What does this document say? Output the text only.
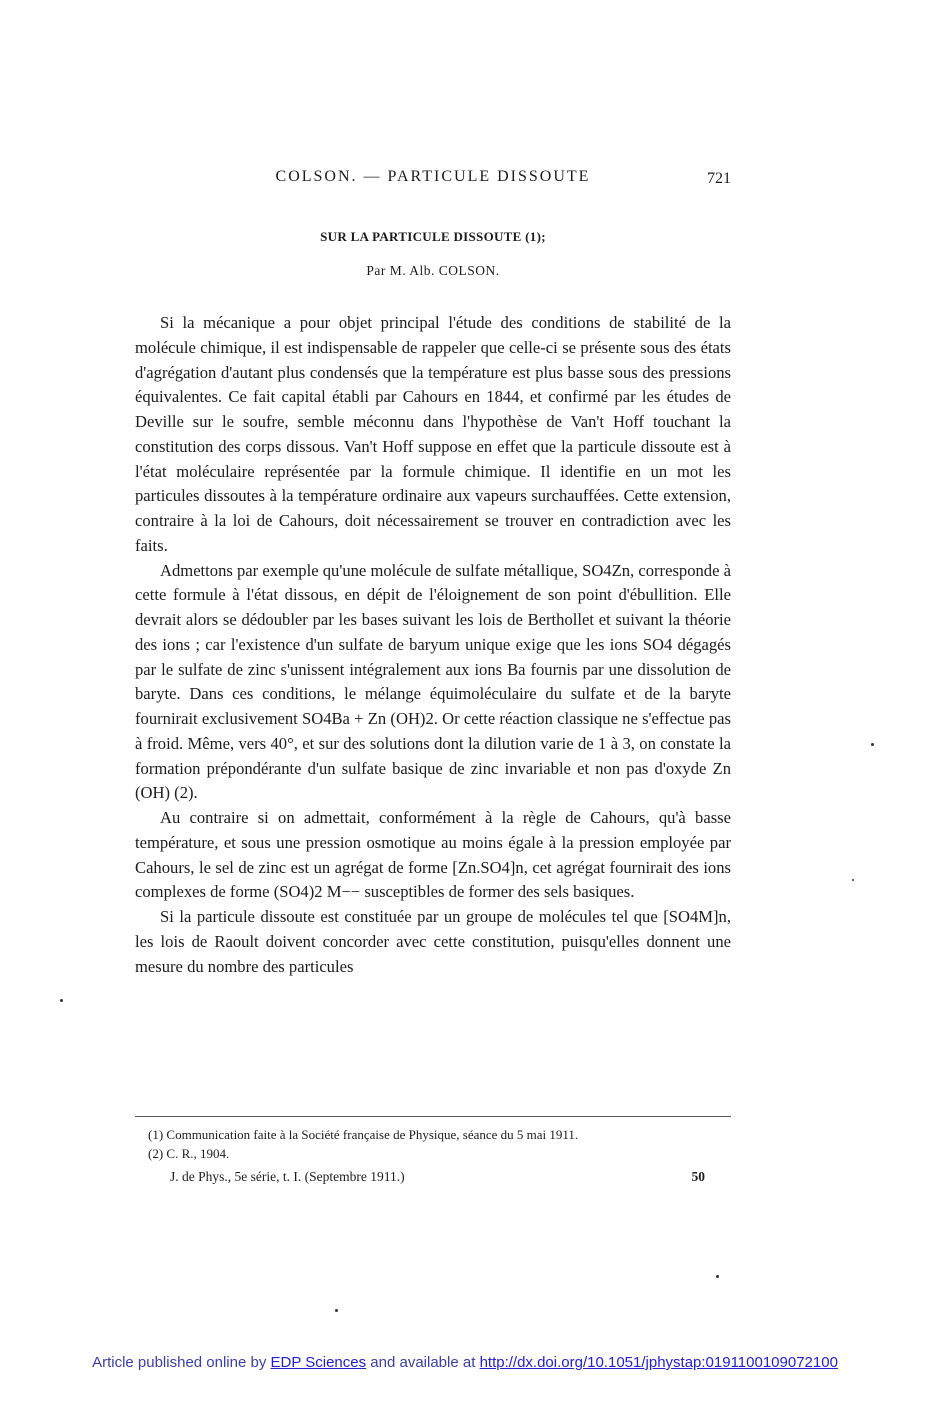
COLSON. — PARTICULE DISSOUTE	721
SUR LA PARTICULE DISSOUTE (1);
Par M. Alb. COLSON.

Si la mécanique a pour objet principal l'étude des conditions de stabilité de la molécule chimique, il est indispensable de rappeler que celle-ci se présente sous des états d'agrégation d'autant plus condensés que la température est plus basse sous des pressions équivalentes. Ce fait capital établi par Cahours en 1844, et confirmé par les études de Deville sur le soufre, semble méconnu dans l'hypothèse de Van't Hoff touchant la constitution des corps dissous. Van't Hoff suppose en effet que la particule dissoute est à l'état moléculaire représentée par la formule chimique. Il identifie en un mot les particules dissoutes à la température ordinaire aux vapeurs surchauffées. Cette extension, contraire à la loi de Cahours, doit nécessairement se trouver en contradiction avec les faits.

Admettons par exemple qu'une molécule de sulfate métallique, SO4Zn, corresponde à cette formule à l'état dissous, en dépit de l'éloignement de son point d'ébullition. Elle devrait alors se dédoubler par les bases suivant les lois de Berthollet et suivant la théorie des ions ; car l'existence d'un sulfate de baryum unique exige que les ions SO4 dégagés par le sulfate de zinc s'unissent intégralement aux ions Ba fournis par une dissolution de baryte. Dans ces conditions, le mélange équimoléculaire du sulfate et de la baryte fournirait exclusivement SO4Ba + Zn (OH)2. Or cette réaction classique ne s'effectue pas à froid. Même, vers 40°, et sur des solutions dont la dilution varie de 1 à 3, on constate la formation prépondérante d'un sulfate basique de zinc invariable et non pas d'oxyde Zn (OH) (2).

Au contraire si on admettait, conformément à la règle de Cahours, qu'à basse température, et sous une pression osmotique au moins égale à la pression employée par Cahours, le sel de zinc est un agrégat de forme [Zn.SO4]n, cet agrégat fournirait des ions complexes de forme (SO4)2 M−− susceptibles de former des sels basiques.

Si la particule dissoute est constituée par un groupe de molécules tel que [SO4M]n, les lois de Raoult doivent concorder avec cette constitution, puisqu'elles donnent une mesure du nombre des particules

(1) Communication faite à la Société française de Physique, séance du 5 mai 1911.
(2) C. R., 1904.
J. de Phys., 5e série, t. I. (Septembre 1911.)	50
Article published online by EDP Sciences and available at http://dx.doi.org/10.1051/jphystap:0191100109072100
